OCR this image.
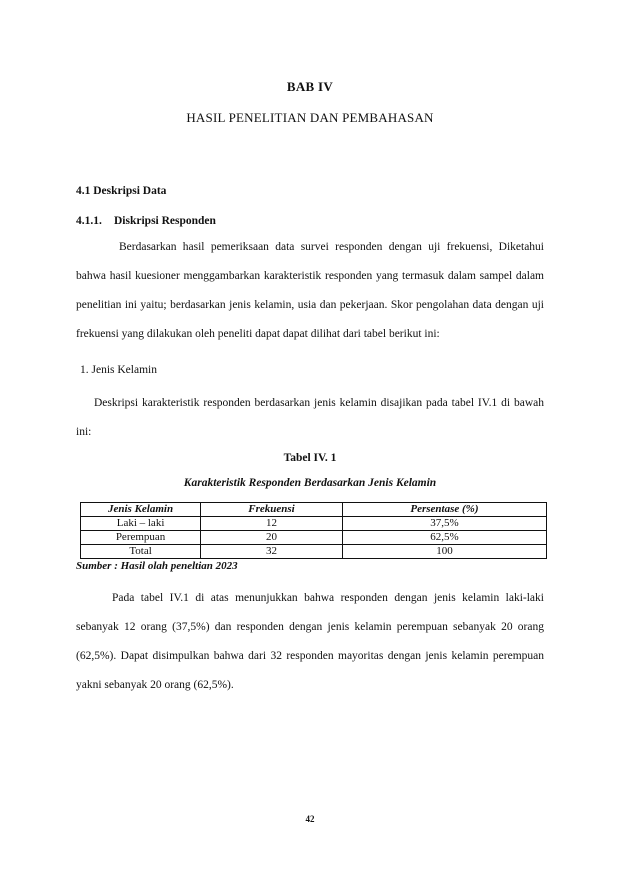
BAB IV
HASIL PENELITIAN DAN PEMBAHASAN
4.1 Deskripsi Data
4.1.1. Diskripsi Responden
Berdasarkan hasil pemeriksaan data survei responden dengan uji frekuensi, Diketahui bahwa hasil kuesioner menggambarkan karakteristik responden yang termasuk dalam sampel dalam penelitian ini yaitu; berdasarkan jenis kelamin, usia dan pekerjaan. Skor pengolahan data dengan uji frekuensi yang dilakukan oleh peneliti dapat dapat dilihat dari tabel berikut ini:
1. Jenis Kelamin
Deskripsi karakteristik responden berdasarkan jenis kelamin disajikan pada tabel IV.1 di bawah ini:
Tabel IV. 1
Karakteristik Responden Berdasarkan Jenis Kelamin
Jenis Kelamin	Frekuensi	Persentase (%)
Laki – laki	12	37,5%
Perempuan	20	62,5%
Total	32	100
Sumber : Hasil olah peneltian 2023
Pada tabel IV.1 di atas menunjukkan bahwa responden dengan jenis kelamin laki-laki sebanyak 12 orang (37,5%) dan responden dengan jenis kelamin perempuan sebanyak 20 orang (62,5%). Dapat disimpulkan bahwa dari 32 responden mayoritas dengan jenis kelamin perempuan yakni sebanyak 20 orang (62,5%).
42
